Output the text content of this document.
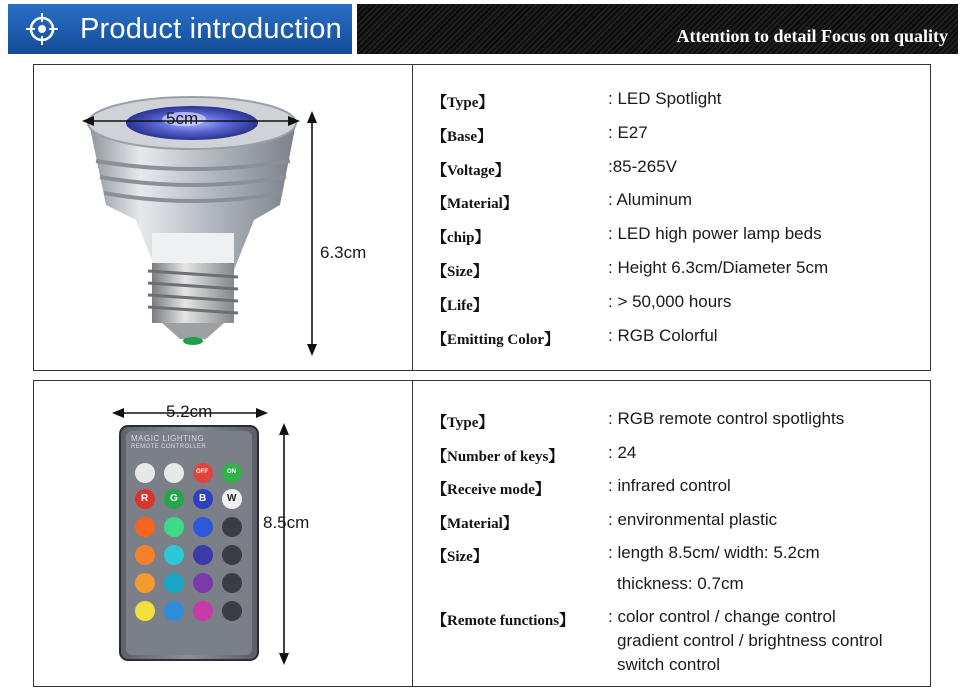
Product introduction	Attention to detail Focus on quality
5cm
6.3cm
【Type】	: LED Spotlight
【Base】	: E27
【Voltage】	:85-265V
【Material】	: Aluminum
【chip】	: LED high power lamp beds
【Size】	: Height 6.3cm/Diameter 5cm
【Life】	: > 50,000 hours
【Emitting Color】	: RGB Colorful
5.2cm
8.5cm
MAGIC LIGHTING
REMOTE CONTROLLER
OFF	ON
R G B W
【Type】	: RGB remote control spotlights
【Number of keys】	: 24
【Receive mode】	: infrared control
【Material】	: environmental plastic
【Size】	: length 8.5cm/ width: 5.2cm
thickness: 0.7cm
【Remote functions】 : color control / change control
gradient control / brightness control
switch control
